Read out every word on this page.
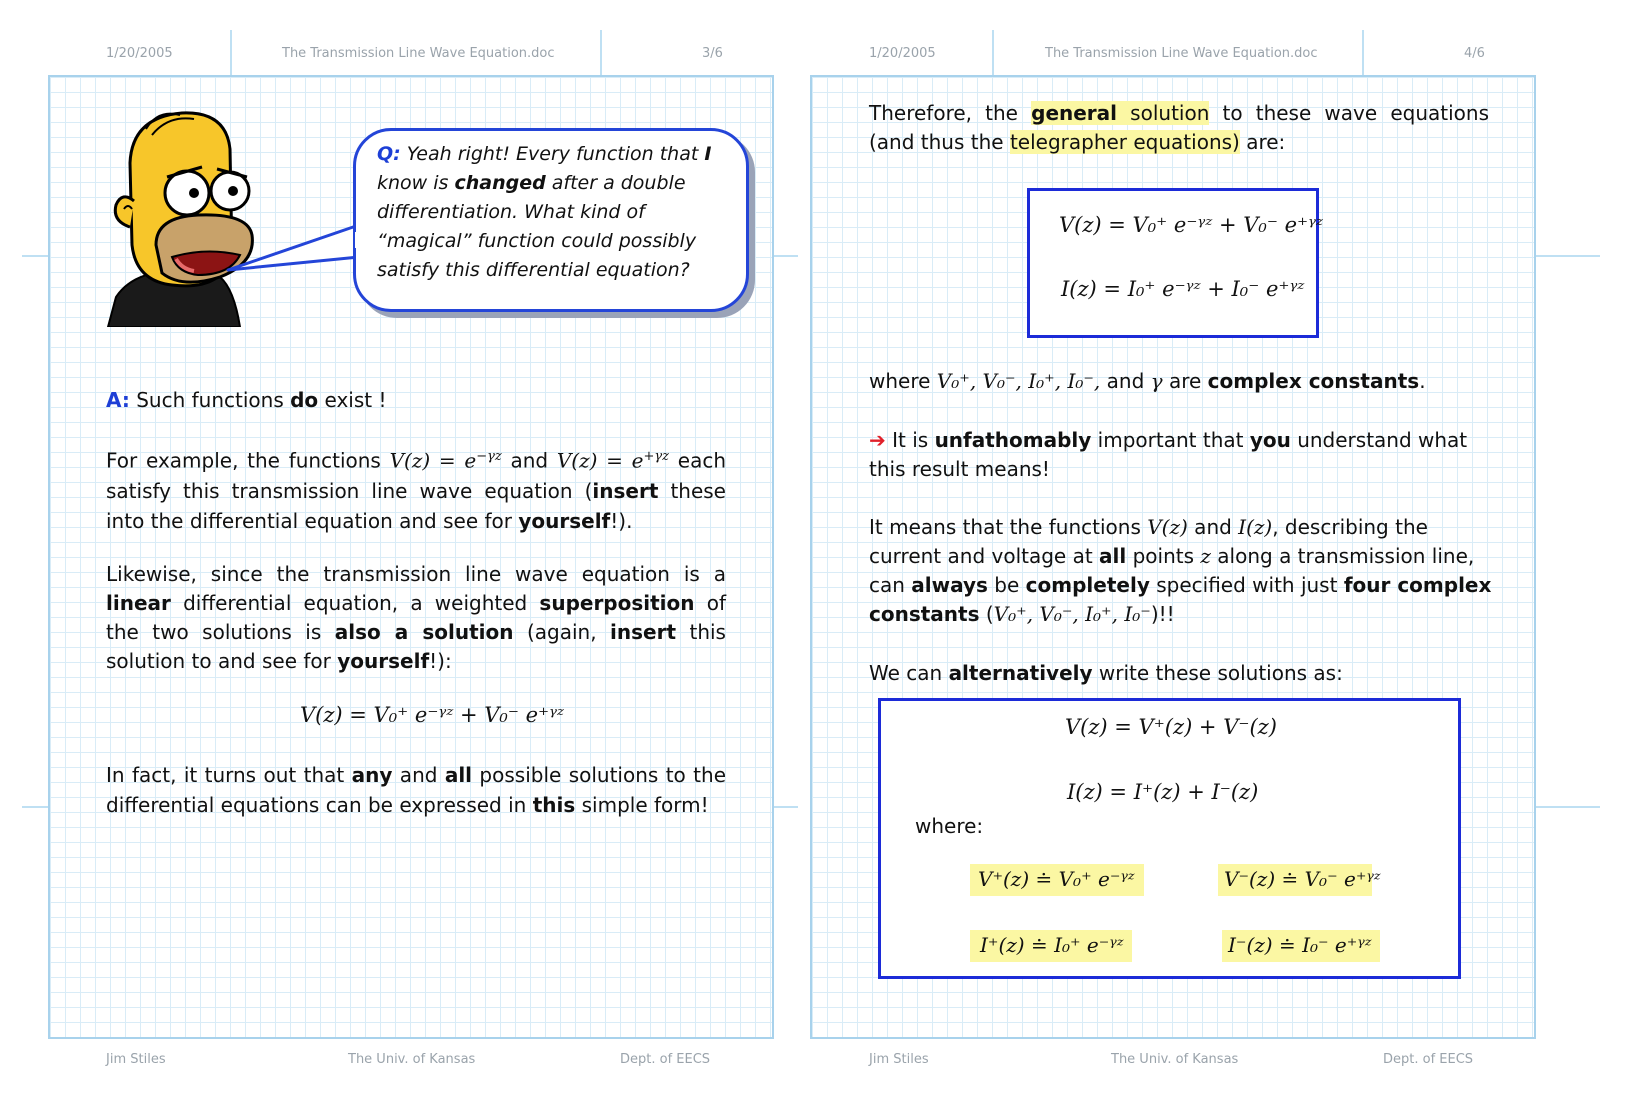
1/20/2005	The Transmission Line Wave Equation.doc	3/6
Q: Yeah right! Every function that I know is changed after a double differentiation. What kind of “magical” function could possibly satisfy this differential equation?
A: Such functions do exist !
For example, the functions $V(z) = e^{-\gamma z}$ and $V(z) = e^{+\gamma z}$ each satisfy this transmission line wave equation (insert these into the differential equation and see for yourself!).
Likewise, since the transmission line wave equation is a linear differential equation, a weighted superposition of the two solutions is also a solution (again, insert this solution to and see for yourself!):
V(z) = V₀⁺ e⁻ᵞᶻ + V₀⁻ e⁺ᵞᶻ
In fact, it turns out that any and all possible solutions to the differential equations can be expressed in this simple form!
Jim Stiles	The Univ. of Kansas	Dept. of EECS
1/20/2005	The Transmission Line Wave Equation.doc	4/6
Therefore, the general solution to these wave equations (and thus the telegrapher equations) are:
V(z) = V₀⁺ e⁻ᵞᶻ + V₀⁻ e⁺ᵞᶻ
I(z) = I₀⁺ e⁻ᵞᶻ + I₀⁻ e⁺ᵞᶻ
where V₀⁺, V₀⁻, I₀⁺, I₀⁻, and γ are complex constants.
➔ It is unfathomably important that you understand what this result means!
It means that the functions V(z) and I(z), describing the current and voltage at all points z along a transmission line, can always be completely specified with just four complex constants (V₀⁺, V₀⁻, I₀⁺, I₀⁻)!!
We can alternatively write these solutions as:
V(z) = V⁺(z) + V⁻(z)
I(z) = I⁺(z) + I⁻(z)
where:
V⁺(z) ≐ V₀⁺ e⁻ᵞᶻ	V⁻(z) ≐ V₀⁻ e⁺ᵞᶻ
I⁺(z) ≐ I₀⁺ e⁻ᵞᶻ	I⁻(z) ≐ I₀⁻ e⁺ᵞᶻ
Jim Stiles	The Univ. of Kansas	Dept. of EECS
